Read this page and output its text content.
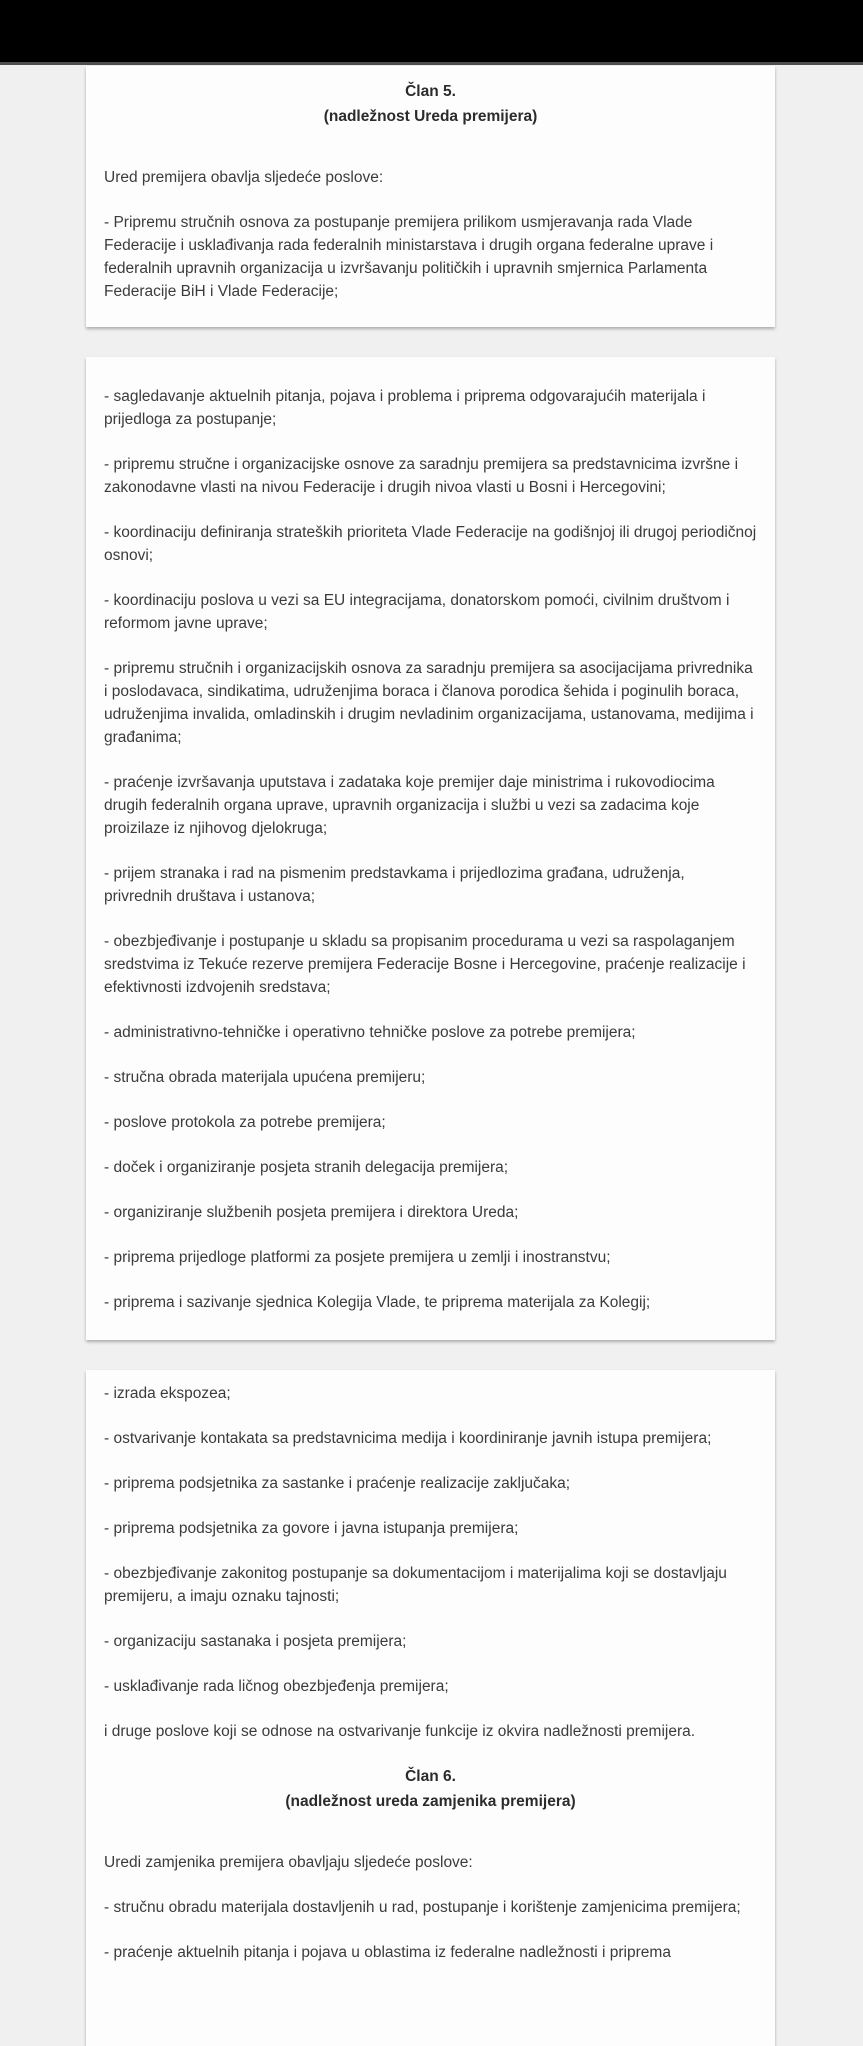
Član 5.

(nadležnost Ureda premijera)

Ured premijera obavlja sljedeće poslove:

- Pripremu stručnih osnova za postupanje premijera prilikom usmjeravanja rada Vlade Federacije i usklađivanja rada federalnih ministarstava i drugih organa federalne uprave i federalnih upravnih organizacija u izvršavanju političkih i upravnih smjernica Parlamenta Federacije BiH i Vlade Federacije;

- sagledavanje aktuelnih pitanja, pojava i problema i priprema odgovarajućih materijala i prijedloga za postupanje;

- pripremu stručne i organizacijske osnove za saradnju premijera sa predstavnicima izvršne i zakonodavne vlasti na nivou Federacije i drugih nivoa vlasti u Bosni i Hercegovini;

- koordinaciju definiranja strateških prioriteta Vlade Federacije na godišnjoj ili drugoj periodičnoj osnovi;

- koordinaciju poslova u vezi sa EU integracijama, donatorskom pomoći, civilnim društvom i reformom javne uprave;

- pripremu stručnih i organizacijskih osnova za saradnju premijera sa asocijacijama privrednika i poslodavaca, sindikatima, udruženjima boraca i članova porodica šehida i poginulih boraca, udruženjima invalida, omladinskih i drugim nevladinim organizacijama, ustanovama, medijima i građanima;

- praćenje izvršavanja uputstava i zadataka koje premijer daje ministrima i rukovodiocima drugih federalnih organa uprave, upravnih organizacija i službi u vezi sa zadacima koje proizilaze iz njihovog djelokruga;

- prijem stranaka i rad na pismenim predstavkama i prijedlozima građana, udruženja, privrednih društava i ustanova;

- obezbjeđivanje i postupanje u skladu sa propisanim procedurama u vezi sa raspolaganjem sredstvima iz Tekuće rezerve premijera Federacije Bosne i Hercegovine, praćenje realizacije i efektivnosti izdvojenih sredstava;

- administrativno-tehničke i operativno tehničke poslove za potrebe premijera;

- stručna obrada materijala upućena premijeru;

- poslove protokola za potrebe premijera;

- doček i organiziranje posjeta stranih delegacija premijera;

- organiziranje službenih posjeta premijera i direktora Ureda;

- priprema prijedloge platformi za posjete premijera u zemlji i inostranstvu;

- priprema i sazivanje sjednica Kolegija Vlade, te priprema materijala za Kolegij;

- izrada ekspozea;

- ostvarivanje kontakata sa predstavnicima medija i koordiniranje javnih istupa premijera;

- priprema podsjetnika za sastanke i praćenje realizacije zaključaka;

- priprema podsjetnika za govore i javna istupanja premijera;

- obezbjeđivanje zakonitog postupanje sa dokumentacijom i materijalima koji se dostavljaju premijeru, a imaju oznaku tajnosti;

- organizaciju sastanaka i posjeta premijera;

- usklađivanje rada ličnog obezbjeđenja premijera;

i druge poslove koji se odnose na ostvarivanje funkcije iz okvira nadležnosti premijera.

Član 6.

(nadležnost ureda zamjenika premijera)

Uredi zamjenika premijera obavljaju sljedeće poslove:

- stručnu obradu materijala dostavljenih u rad, postupanje i korištenje zamjenicima premijera;

- praćenje aktuelnih pitanja i pojava u oblastima iz federalne nadležnosti i priprema
